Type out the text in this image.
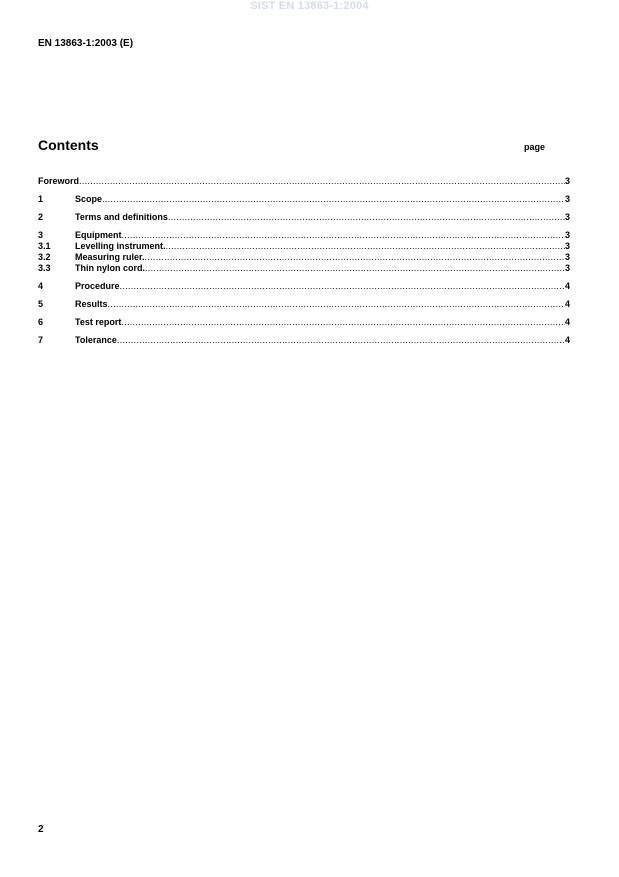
SIST EN 13863-1:2004
EN 13863-1:2003 (E)
Contents	page
Foreword .....	3
1	Scope .....	3
2	Terms and definitions .....	3
3	Equipment .....	3
3.1	Levelling instrument. .....	3
3.2	Measuring ruler. .....	3
3.3	Thin nylon cord. .....	3
4	Procedure .....	4
5	Results .....	4
6	Test report .....	4
7	Tolerance .....	4
2
